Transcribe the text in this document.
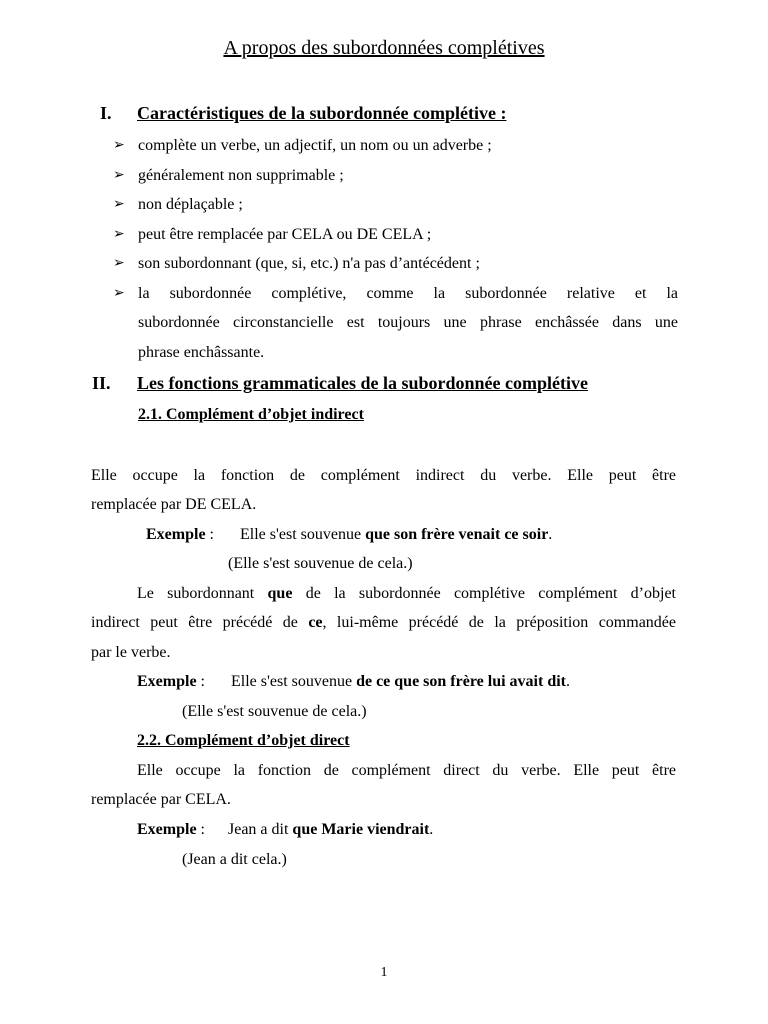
A propos des subordonnées complétives
I. Caractéristiques de la subordonnée complétive :
➢ complète un verbe, un adjectif, un nom ou un adverbe ;
➢ généralement non supprimable ;
➢ non déplaçable ;
➢ peut être remplacée par CELA ou DE CELA ;
➢ son subordonnant (que, si, etc.) n'a pas d’antécédent ;
➢ la subordonnée complétive, comme la subordonnée relative et la
subordonnée circonstancielle est toujours une phrase enchâssée dans une
phrase enchâssante.
II. Les fonctions grammaticales de la subordonnée complétive
2.1. Complément d’objet indirect
Elle occupe la fonction de complément indirect du verbe. Elle peut être
remplacée par DE CELA.
Exemple : Elle s'est souvenue que son frère venait ce soir.
(Elle s'est souvenue de cela.)
Le subordonnant que de la subordonnée complétive complément d’objet
indirect peut être précédé de ce, lui-même précédé de la préposition commandée
par le verbe.
Exemple : Elle s'est souvenue de ce que son frère lui avait dit.
(Elle s'est souvenue de cela.)
2.2. Complément d’objet direct
Elle occupe la fonction de complément direct du verbe. Elle peut être
remplacée par CELA.
Exemple : Jean a dit que Marie viendrait.
(Jean a dit cela.)
1
